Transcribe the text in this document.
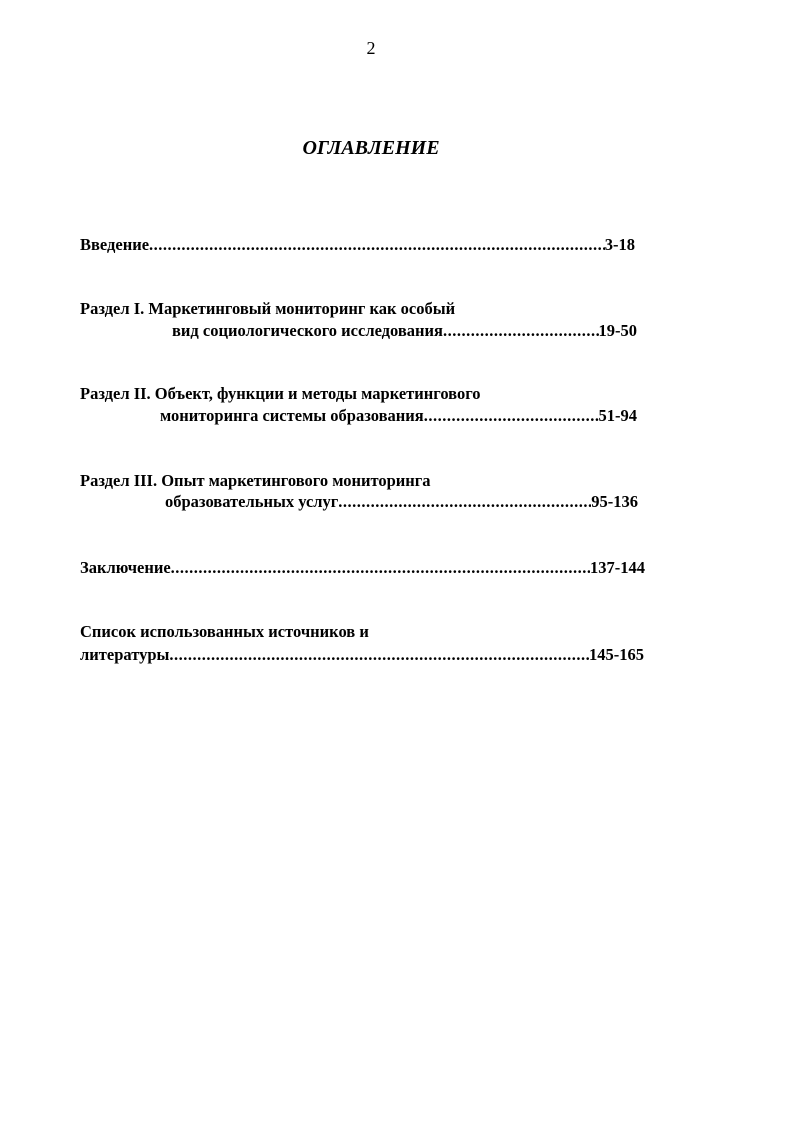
2
ОГЛАВЛЕНИЕ
Введение .....	3-18
Раздел I. Маркетинговый мониторинг как особый
вид социологического исследования .....	19-50
Раздел II. Объект, функции и методы маркетингового
мониторинга системы образования .....	51-94
Раздел III. Опыт маркетингового мониторинга
образовательных услуг .....	95-136
Заключение .....	137-144
Список использованных источников и
литературы .....	145-165
